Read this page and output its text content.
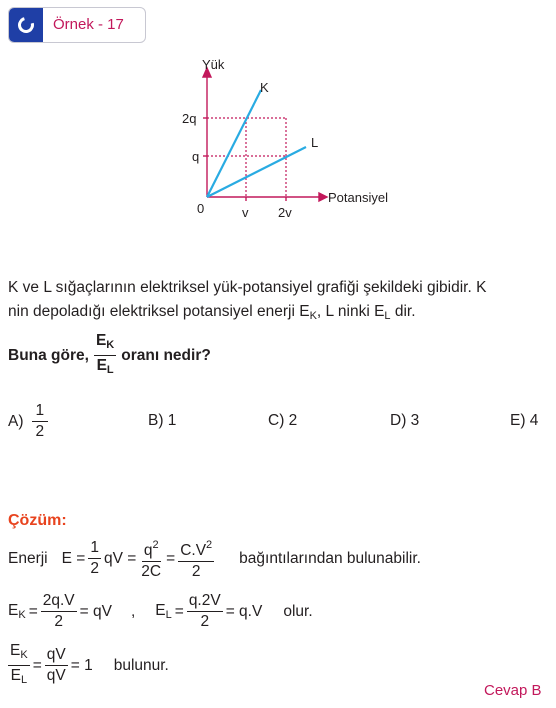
Örnek - 17
Yük
Potansiyel
0
2q
q
v 2v
K
L
K ve L sığaçlarının elektriksel yük-potansiyel grafiği şekildeki gibidir. K
nin depoladığı elektriksel potansiyel enerji $E_K$, L ninki $E_L$ dir.
Buna göre, $\frac{E_K}{E_L}$ oranı nedir?
$A) \frac{1}{2}$	B) 1	C) 2	D) 3	E) 4
Çözüm:
Enerji $E = \frac{1}{2}$ qV = $\frac{q^2}{2C} = \frac{C.V^2}{2}$ bağıntılarından bulunabilir.
$E_K = \frac{2q.V}{2}$ = qV , $E_L = \frac{q.2V}{2} = q.V$ olur.
$\frac{E_K}{E_L} = \frac{qV}{qV} = 1$ bulunur.
Cevap B
